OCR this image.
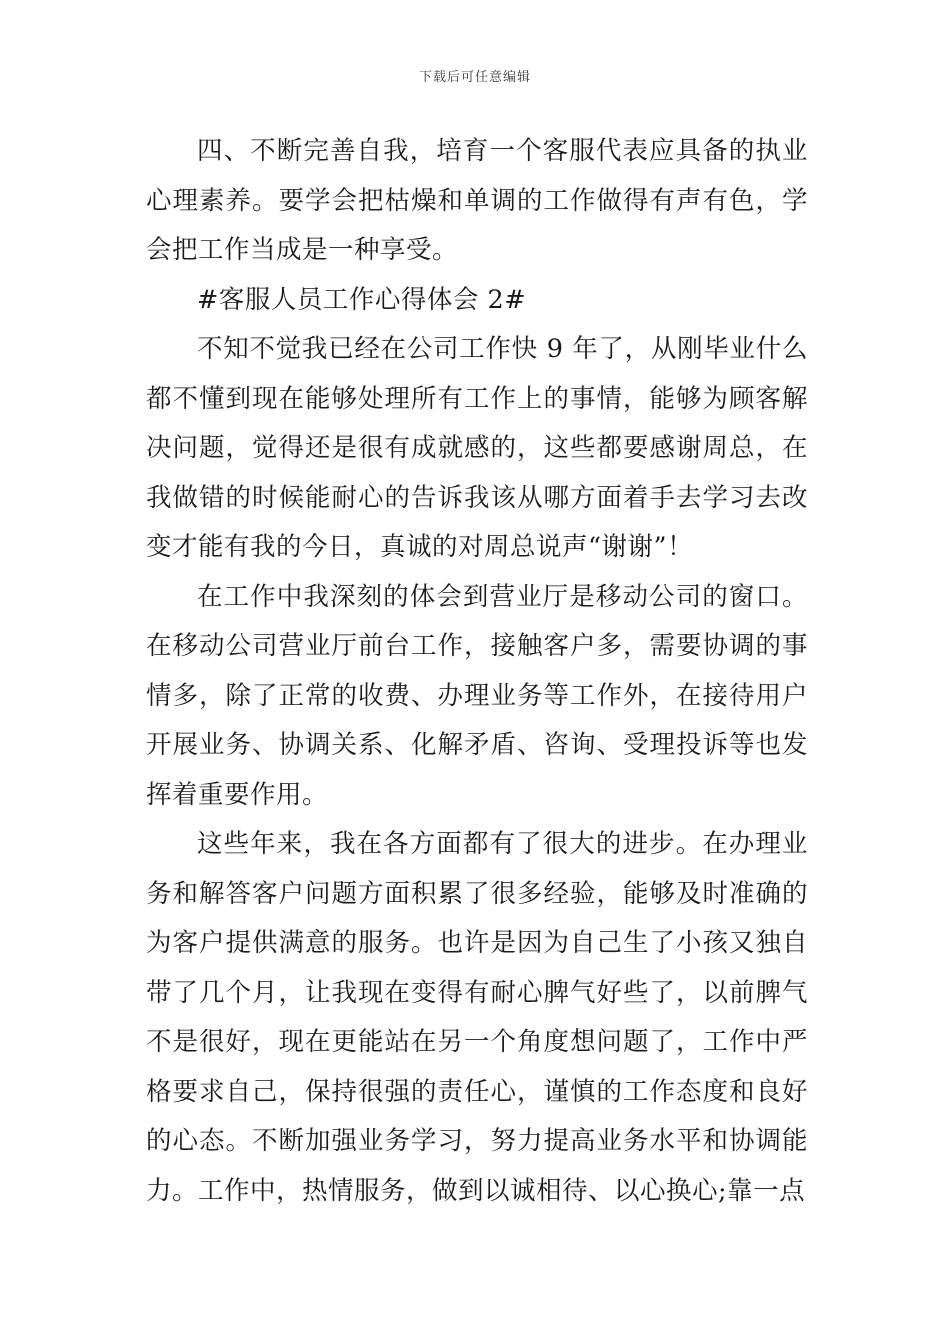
下载后可任意编辑

四、不断完善自我，培育一个客服代表应具备的执业心理素养。要学会把枯燥和单调的工作做得有声有色，学会把工作当成是一种享受。

#客服人员工作心得体会 2#

不知不觉我已经在公司工作快 9 年了，从刚毕业什么都不懂到现在能够处理所有工作上的事情，能够为顾客解决问题，觉得还是很有成就感的，这些都要感谢周总，在我做错的时候能耐心的告诉我该从哪方面着手去学习去改变才能有我的今日，真诚的对周总说声“谢谢”！

在工作中我深刻的体会到营业厅是移动公司的窗口。在移动公司营业厅前台工作，接触客户多，需要协调的事情多，除了正常的收费、办理业务等工作外，在接待用户开展业务、协调关系、化解矛盾、咨询、受理投诉等也发挥着重要作用。

这些年来，我在各方面都有了很大的进步。在办理业务和解答客户问题方面积累了很多经验，能够及时准确的为客户提供满意的服务。也许是因为自己生了小孩又独自带了几个月，让我现在变得有耐心脾气好些了，以前脾气不是很好，现在更能站在另一个角度想问题了，工作中严格要求自己，保持很强的责任心，谨慎的工作态度和良好的心态。不断加强业务学习，努力提高业务水平和协调能力。工作中，热情服务，做到以诚相待、以心换心;靠一点
